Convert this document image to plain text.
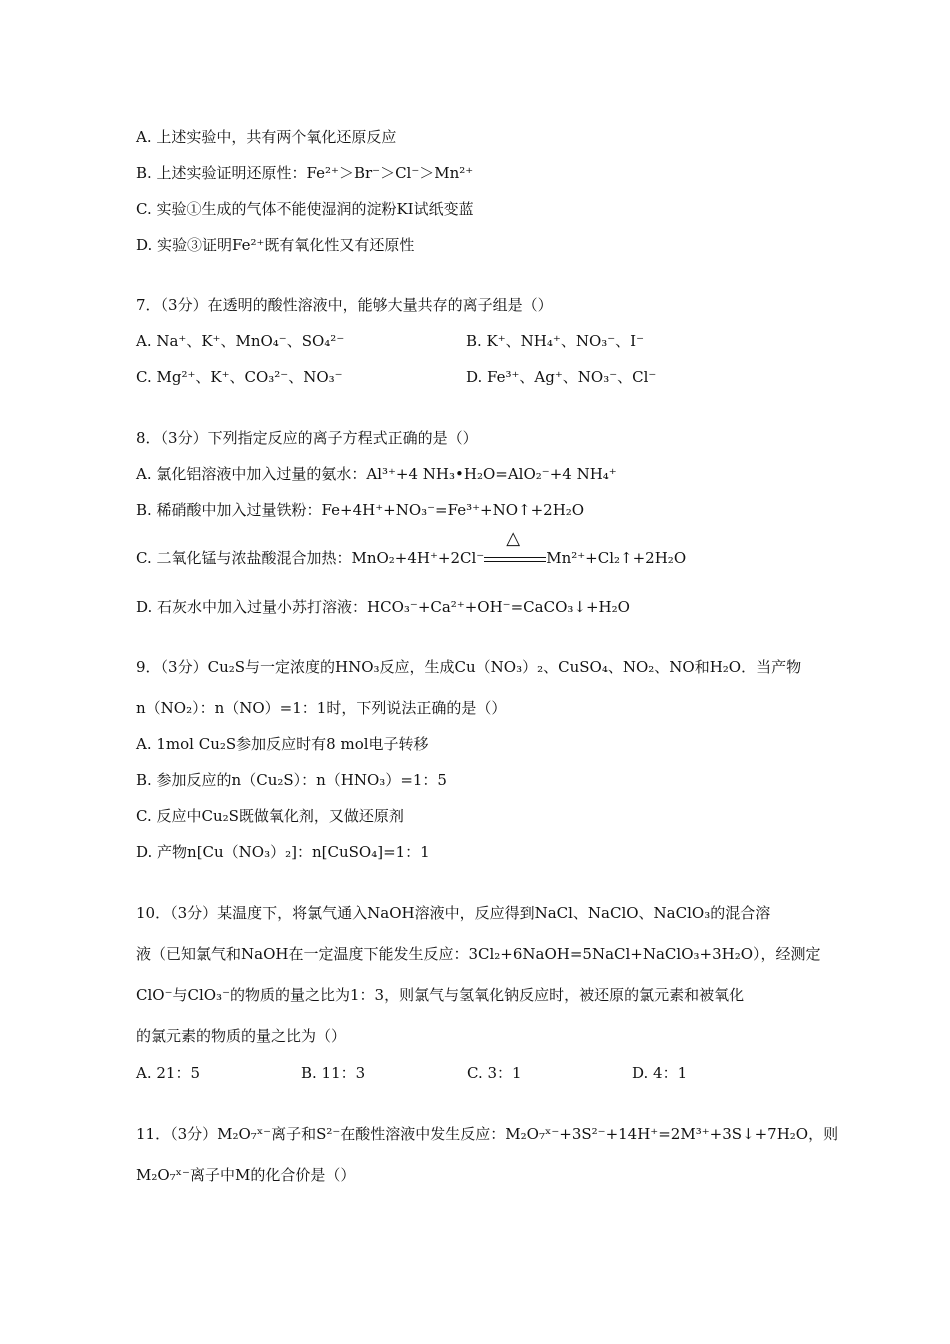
A. 上述实验中，共有两个氧化还原反应
B. 上述实验证明还原性：Fe²⁺＞Br⁻＞Cl⁻＞Mn²⁺
C. 实验①生成的气体不能使湿润的淀粉KI试纸变蓝
D. 实验③证明Fe²⁺既有氧化性又有还原性
7．（3分）在透明的酸性溶液中，能够大量共存的离子组是（）
A. Na⁺、K⁺、MnO₄⁻、SO₄²⁻	B. K⁺、NH₄⁺、NO₃⁻、I⁻
C. Mg²⁺、K⁺、CO₃²⁻、NO₃⁻	D. Fe³⁺、Ag⁺、NO₃⁻、Cl⁻
8．（3分）下列指定反应的离子方程式正确的是（）
A. 氯化铝溶液中加入过量的氨水：Al³⁺+4 NH₃•H₂O=AlO₂⁻+4 NH₄⁺
B. 稀硝酸中加入过量铁粉：Fe+4H⁺+NO₃⁻=Fe³⁺+NO↑+2H₂O
C. 二氧化锰与浓盐酸混合加热：MnO₂+4H⁺+2Cl⁻
△
Mn²⁺+Cl₂↑+2H₂O
D. 石灰水中加入过量小苏打溶液：HCO₃⁻+Ca²⁺+OH⁻=CaCO₃↓+H₂O
9．（3分）Cu₂S与一定浓度的HNO₃反应，生成Cu（NO₃）₂、CuSO₄、NO₂、NO和H₂O．当产物
n（NO₂）：n（NO）=1：1时，下列说法正确的是（）
A. 1mol Cu₂S参加反应时有8 mol电子转移
B. 参加反应的n（Cu₂S）：n（HNO₃）=1：5
C. 反应中Cu₂S既做氧化剂，又做还原剂
D. 产物n[Cu（NO₃）₂]：n[CuSO₄]=1：1
10．（3分）某温度下，将氯气通入NaOH溶液中，反应得到NaCl、NaClO、NaClO₃的混合溶
液（已知氯气和NaOH在一定温度下能发生反应：3Cl₂+6NaOH=5NaCl+NaClO₃+3H₂O），经测定
ClO⁻与ClO₃⁻的物质的量之比为1：3，则氯气与氢氧化钠反应时，被还原的氯元素和被氧化
的氯元素的物质的量之比为（）
A. 21：5	B. 11：3	C. 3：1	D. 4：1
11．（3分）M₂O₇ˣ⁻离子和S²⁻在酸性溶液中发生反应：M₂O₇ˣ⁻+3S²⁻+14H⁺=2M³⁺+3S↓+7H₂O，则
M₂O₇ˣ⁻离子中M的化合价是（）
